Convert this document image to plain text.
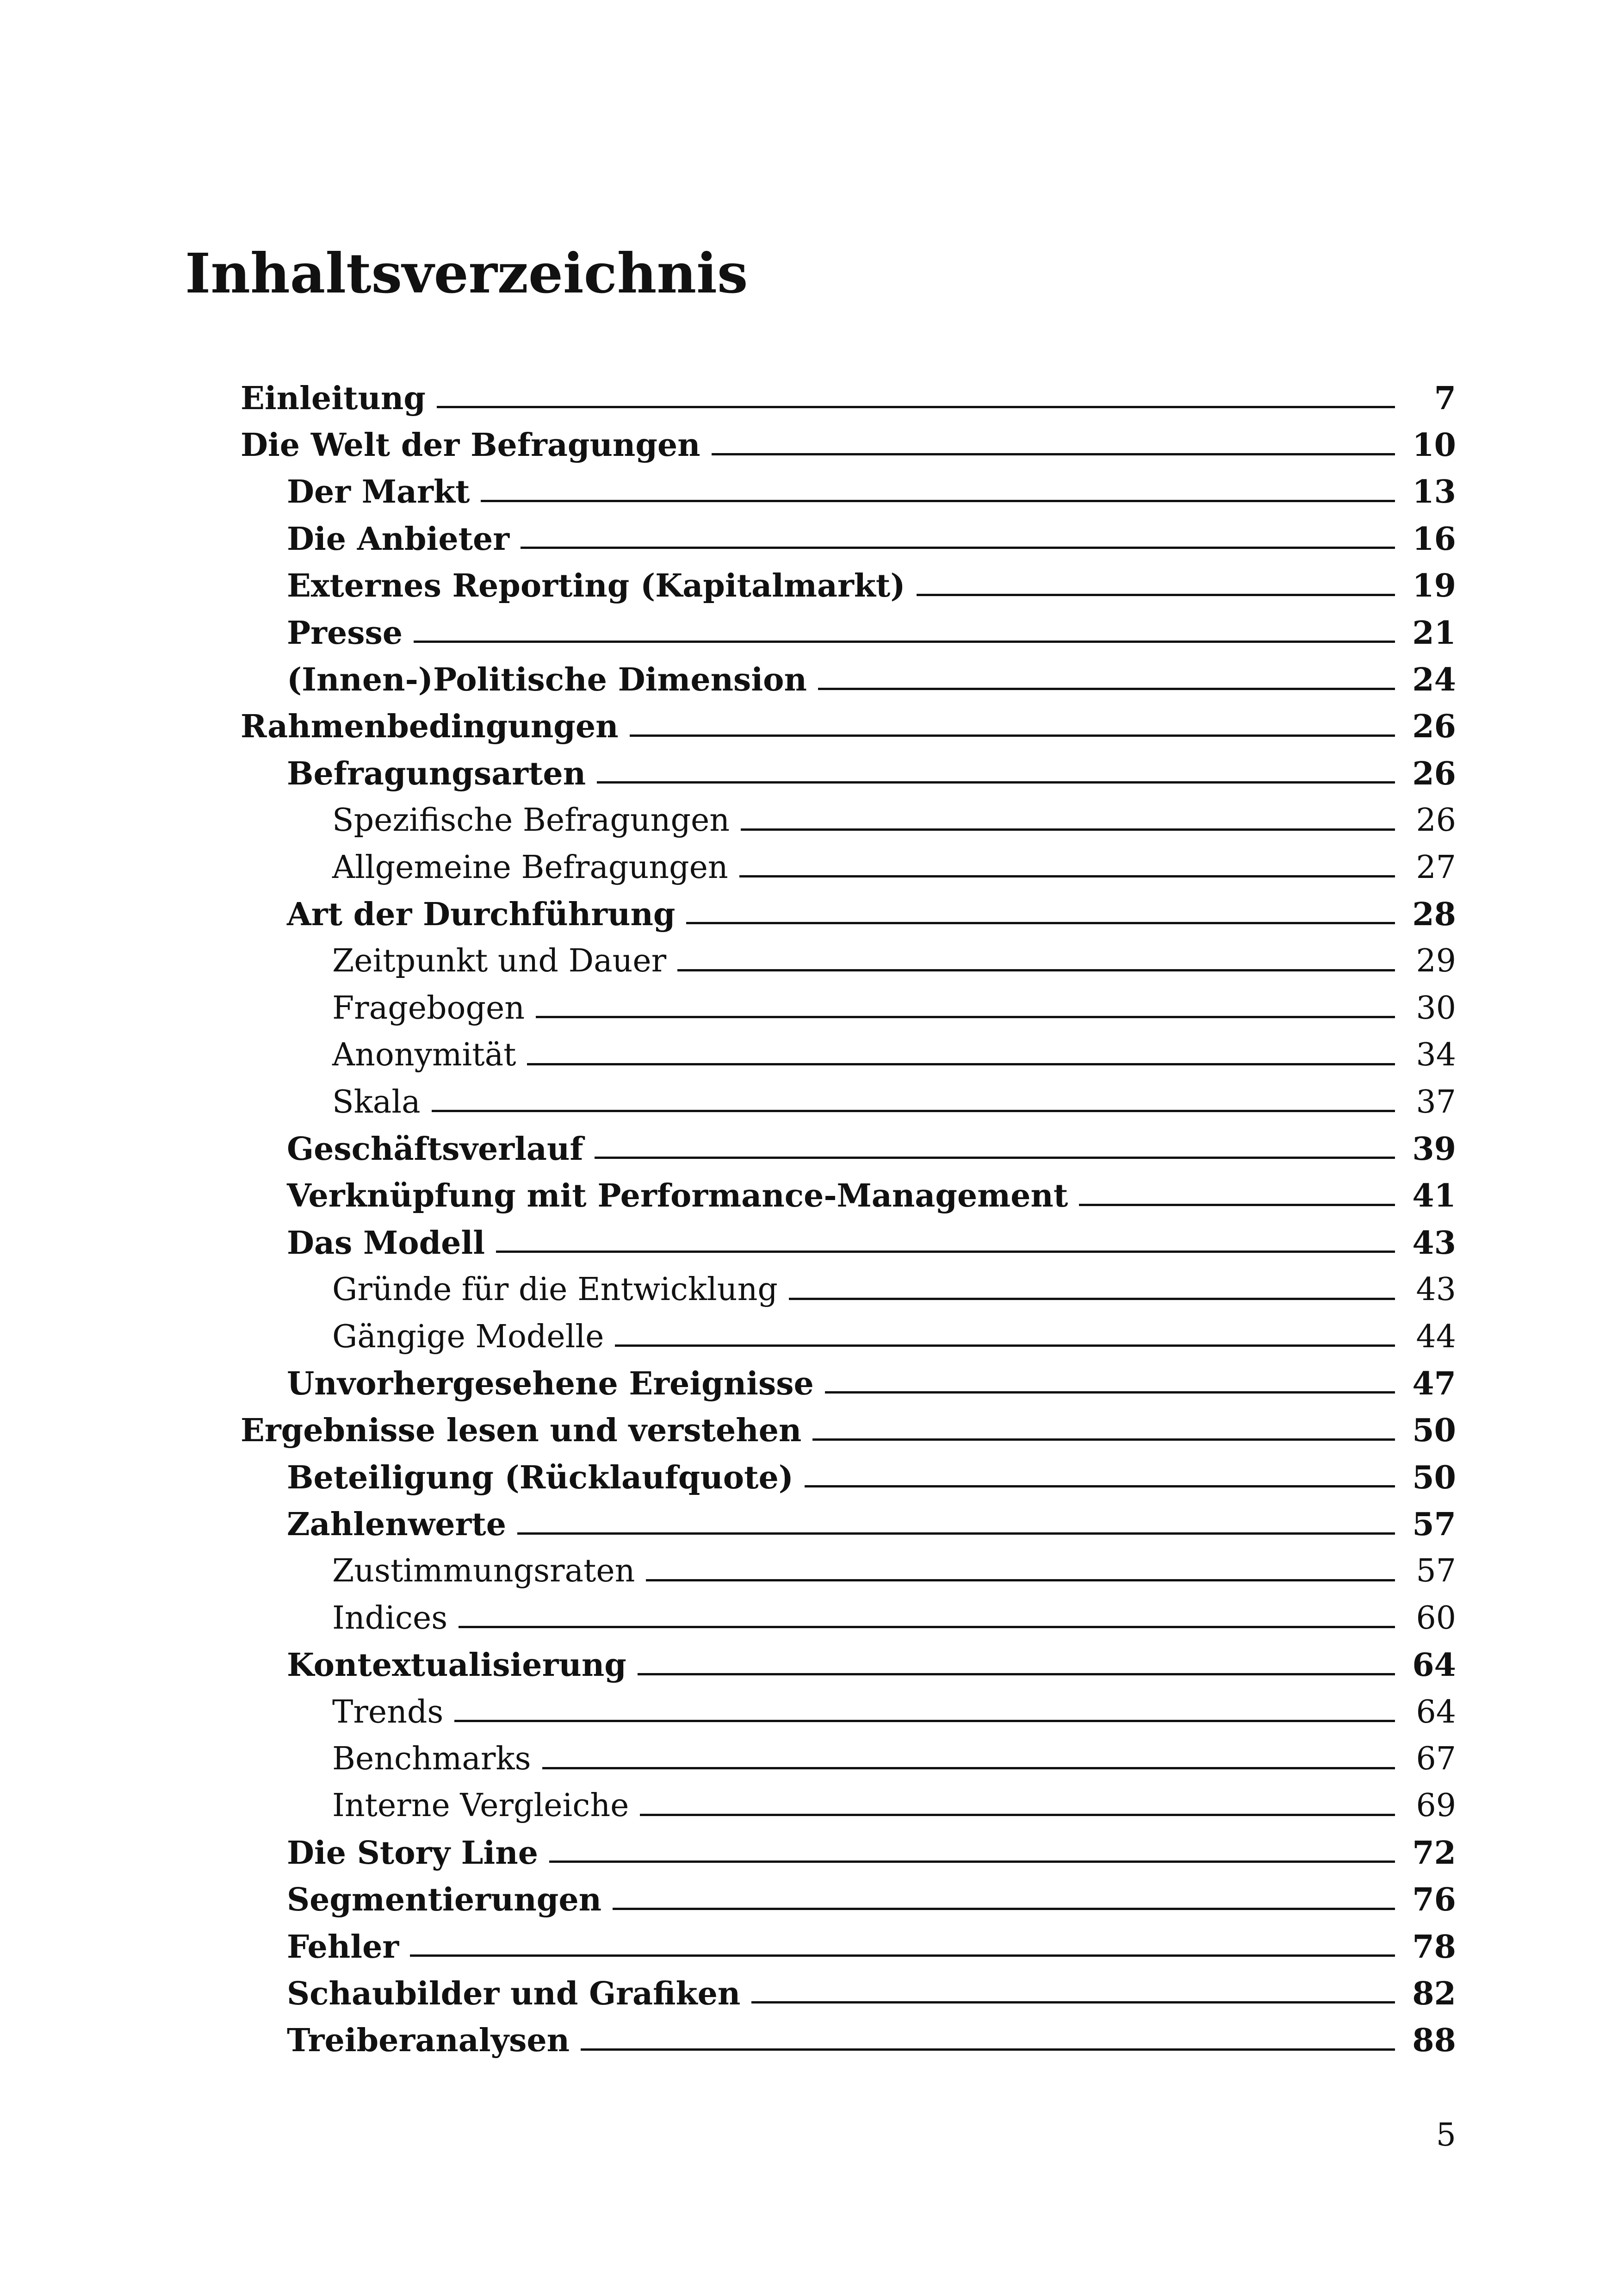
Inhaltsverzeichnis
Einleitung	7
Die Welt der Befragungen	10
Der Markt	13
Die Anbieter	16
Externes Reporting (Kapitalmarkt)	19
Presse	21
(Innen-)Politische Dimension	24
Rahmenbedingungen	26
Befragungsarten	26
Spezifische Befragungen	26
Allgemeine Befragungen	27
Art der Durchführung	28
Zeitpunkt und Dauer	29
Fragebogen	30
Anonymität	34
Skala	37
Geschäftsverlauf	39
Verknüpfung mit Performance-Management	41
Das Modell	43
Gründe für die Entwicklung	43
Gängige Modelle	44
Unvorhergesehene Ereignisse	47
Ergebnisse lesen und verstehen	50
Beteiligung (Rücklaufquote)	50
Zahlenwerte	57
Zustimmungsraten	57
Indices	60
Kontextualisierung	64
Trends	64
Benchmarks	67
Interne Vergleiche	69
Die Story Line	72
Segmentierungen	76
Fehler	78
Schaubilder und Grafiken	82
Treiberanalysen	88
5
